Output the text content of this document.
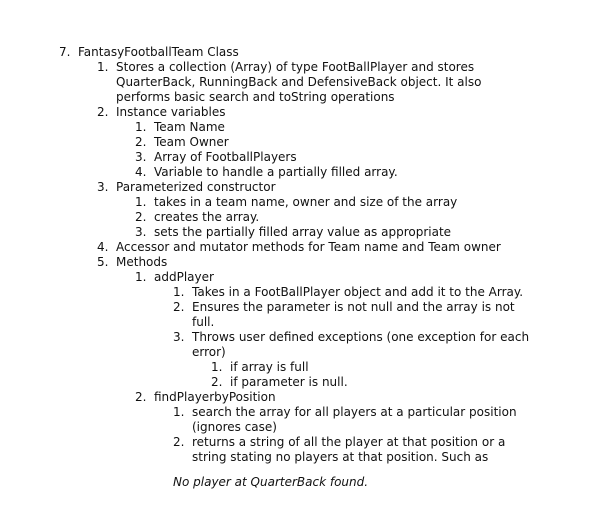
7. FantasyFootballTeam Class
1. Stores a collection (Array) of type FootBallPlayer and stores
QuarterBack, RunningBack and DefensiveBack object. It also
performs basic search and toString operations
2. Instance variables
1. Team Name
2. Team Owner
3. Array of FootballPlayers
4. Variable to handle a partially filled array.
3. Parameterized constructor
1. takes in a team name, owner and size of the array
2. creates the array.
3. sets the partially filled array value as appropriate
4. Accessor and mutator methods for Team name and Team owner
5. Methods
1. addPlayer
1. Takes in a FootBallPlayer object and add it to the Array.
2. Ensures the parameter is not null and the array is not
full.
3. Throws user defined exceptions (one exception for each
error)
1. if array is full
2. if parameter is null.
2. findPlayerbyPosition
1. search the array for all players at a particular position
(ignores case)
2. returns a string of all the player at that position or a
string stating no players at that position. Such as
No player at QuarterBack found.
